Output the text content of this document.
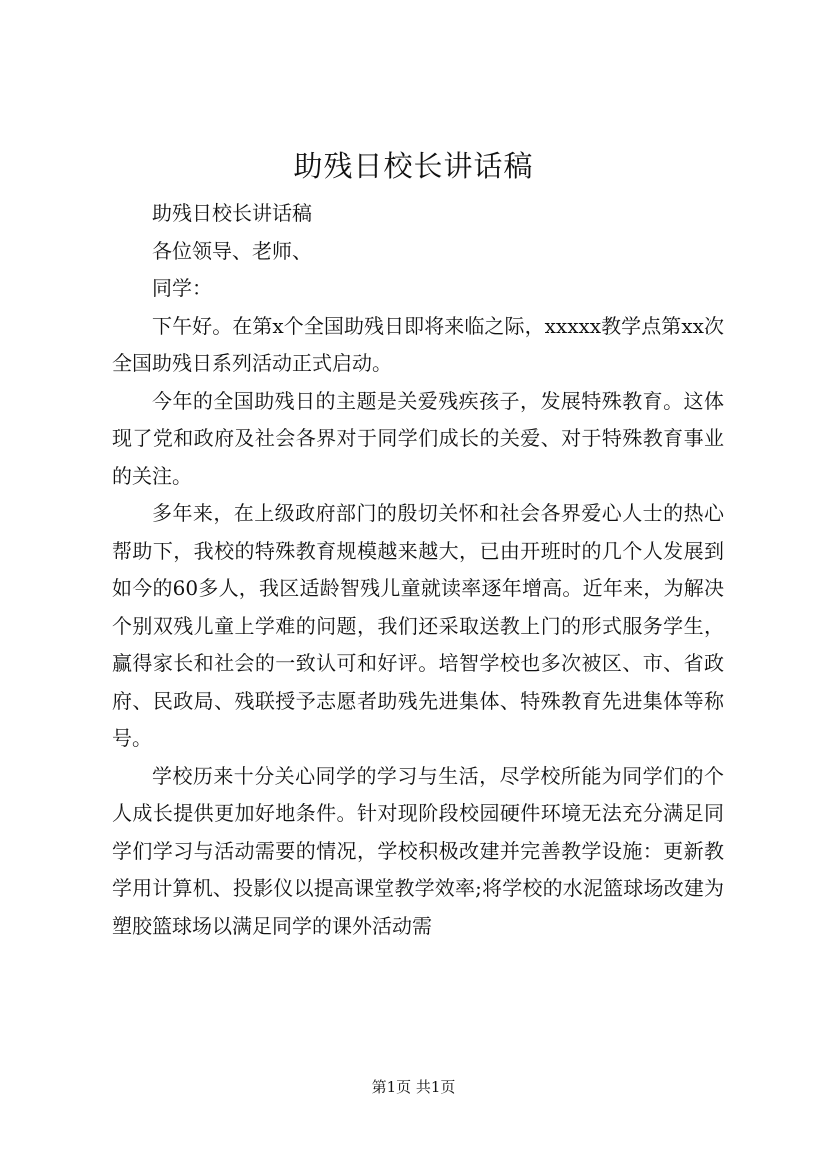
助残日校长讲话稿

助残日校长讲话稿

各位领导、老师、

同学：

下午好。在第x个全国助残日即将来临之际，xxxxx教学点第xx次全国助残日系列活动正式启动。

今年的全国助残日的主题是关爱残疾孩子，发展特殊教育。这体现了党和政府及社会各界对于同学们成长的关爱、对于特殊教育事业的关注。

多年来，在上级政府部门的殷切关怀和社会各界爱心人士的热心帮助下，我校的特殊教育规模越来越大，已由开班时的几个人发展到如今的60多人，我区适龄智残儿童就读率逐年增高。近年来，为解决个别双残儿童上学难的问题，我们还采取送教上门的形式服务学生，赢得家长和社会的一致认可和好评。培智学校也多次被区、市、省政府、民政局、残联授予志愿者助残先进集体、特殊教育先进集体等称号。

学校历来十分关心同学的学习与生活，尽学校所能为同学们的个人成长提供更加好地条件。针对现阶段校园硬件环境无法充分满足同学们学习与活动需要的情况，学校积极改建并完善教学设施：更新教学用计算机、投影仪以提高课堂教学效率;将学校的水泥篮球场改建为塑胶篮球场以满足同学的课外活动需

第1页 共1页
